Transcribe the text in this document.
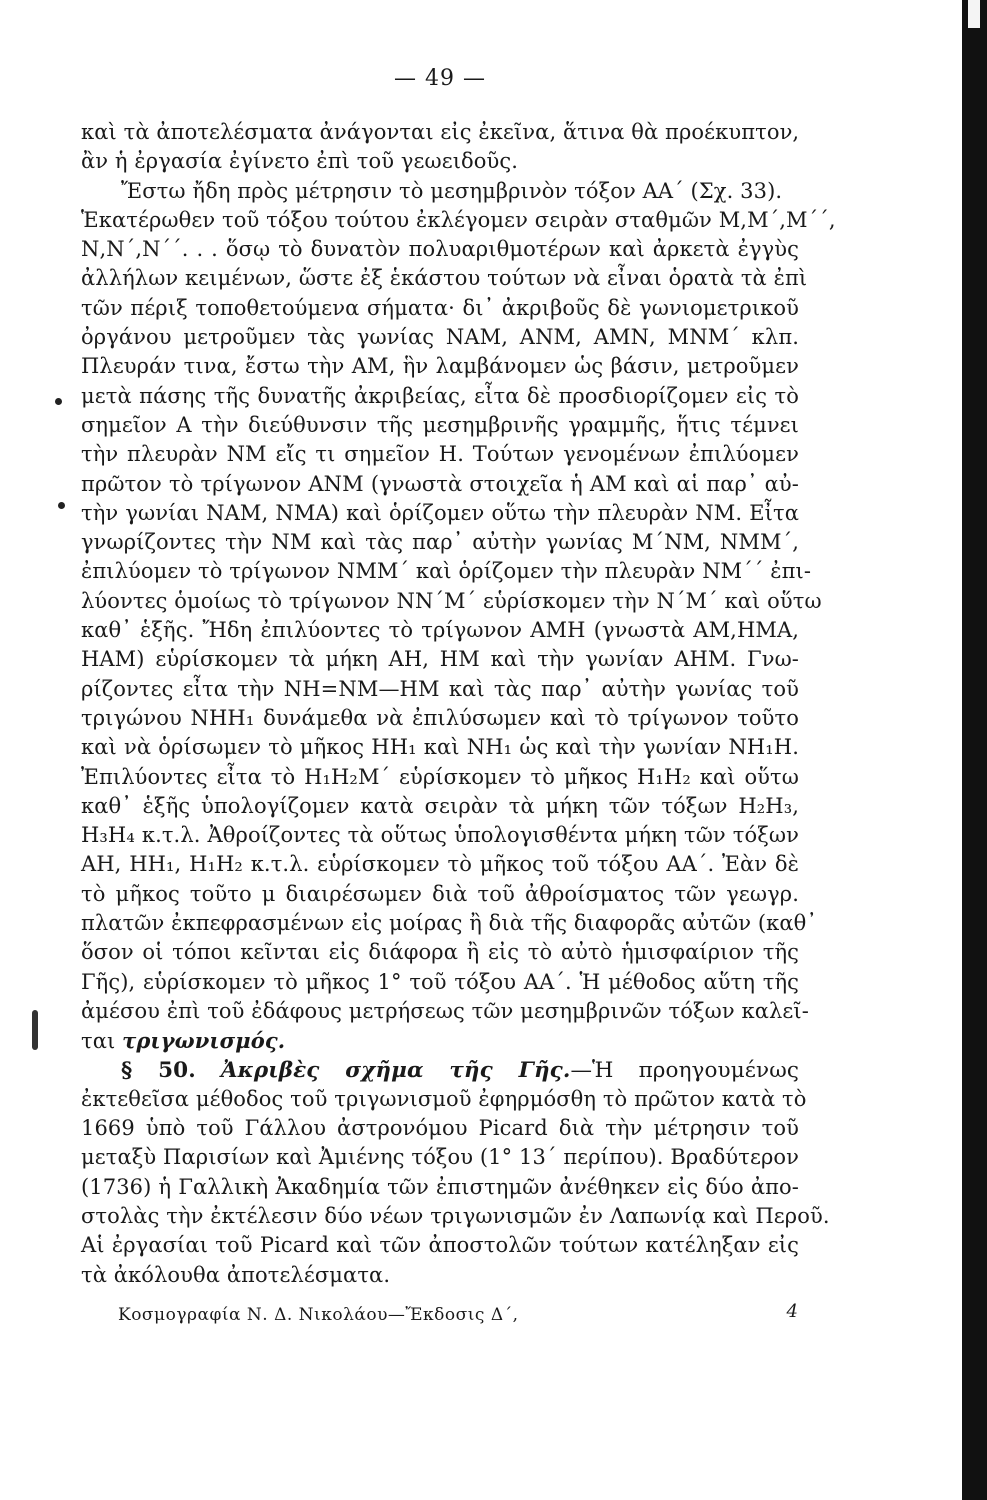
— 49 —
καὶ τὰ ἀποτελέσματα ἀνάγονται εἰς ἐκεῖνα, ἅτινα θὰ προέκυπτον,
ἂν ἡ ἐργασία ἐγίνετο ἐπὶ τοῦ γεωειδοῦς.
Ἔστω ἤδη πρὸς μέτρησιν τὸ μεσημβρινὸν τόξον ΑΑ΄ (Σχ. 33).
Ἑκατέρωθεν τοῦ τόξου τούτου ἐκλέγομεν σειρὰν σταθμῶν Μ,Μ΄,Μ΄΄,
Ν,Ν΄,Ν΄΄. . . ὅσῳ τὸ δυνατὸν πολυαριθμοτέρων καὶ ἀρκετὰ ἐγγὺς
ἀλλήλων κειμένων, ὥστε ἐξ ἑκάστου τούτων νὰ εἶναι ὁρατὰ τὰ ἐπὶ
τῶν πέριξ τοποθετούμενα σήματα· δι᾿ ἀκριβοῦς δὲ γωνιομετρικοῦ
ὀργάνου μετροῦμεν τὰς γωνίας ΝΑΜ, ΑΝΜ, ΑΜΝ, ΜΝΜ΄ κλπ.
Πλευράν τινα, ἔστω τὴν ΑΜ, ἣν λαμβάνομεν ὡς βάσιν, μετροῦμεν
μετὰ πάσης τῆς δυνατῆς ἀκριβείας, εἶτα δὲ προσδιορίζομεν εἰς τὸ
σημεῖον Α τὴν διεύθυνσιν τῆς μεσημβρινῆς γραμμῆς, ἥτις τέμνει
τὴν πλευρὰν ΝΜ εἴς τι σημεῖον Η. Τούτων γενομένων ἐπιλύομεν
πρῶτον τὸ τρίγωνον ΑΝΜ (γνωστὰ στοιχεῖα ἡ ΑΜ καὶ αἱ παρ᾿ αὐ-
τὴν γωνίαι ΝΑΜ, ΝΜΑ) καὶ ὁρίζομεν οὕτω τὴν πλευρὰν ΝΜ. Εἶτα
γνωρίζοντες τὴν ΝΜ καὶ τὰς παρ᾿ αὐτὴν γωνίας Μ΄ΝΜ, ΝΜΜ΄,
ἐπιλύομεν τὸ τρίγωνον ΝΜΜ΄ καὶ ὁρίζομεν τὴν πλευρὰν ΝΜ΄΄ ἐπι-
λύοντες ὁμοίως τὸ τρίγωνον ΝΝ΄Μ΄ εὑρίσκομεν τὴν Ν΄Μ΄ καὶ οὕτω
καθ᾿ ἑξῆς. Ἤδη ἐπιλύοντες τὸ τρίγωνον ΑΜΗ (γνωστὰ ΑΜ,ΗΜΑ,
ΗΑΜ) εὑρίσκομεν τὰ μήκη ΑΗ, ΗΜ καὶ τὴν γωνίαν ΑΗΜ. Γνω-
ρίζοντες εἶτα τὴν ΝΗ=ΝΜ—ΗΜ καὶ τὰς παρ᾿ αὐτὴν γωνίας τοῦ
τριγώνου ΝΗΗ₁ δυνάμεθα νὰ ἐπιλύσωμεν καὶ τὸ τρίγωνον τοῦτο
καὶ νὰ ὁρίσωμεν τὸ μῆκος ΗΗ₁ καὶ ΝΗ₁ ὡς καὶ τὴν γωνίαν ΝΗ₁Η.
Ἐπιλύοντες εἶτα τὸ Η₁Η₂Μ΄ εὑρίσκομεν τὸ μῆκος Η₁Η₂ καὶ οὕτω
καθ᾿ ἑξῆς ὑπολογίζομεν κατὰ σειρὰν τὰ μήκη τῶν τόξων Η₂Η₃,
Η₃Η₄ κ.τ.λ. Ἀθροίζοντες τὰ οὕτως ὑπολογισθέντα μήκη τῶν τόξων
ΑΗ, ΗΗ₁, Η₁Η₂ κ.τ.λ. εὑρίσκομεν τὸ μῆκος τοῦ τόξου ΑΑ΄. Ἐὰν δὲ
τὸ μῆκος τοῦτο μ διαιρέσωμεν διὰ τοῦ ἀθροίσματος τῶν γεωγρ.
πλατῶν ἐκπεφρασμένων εἰς μοίρας ἢ διὰ τῆς διαφορᾶς αὐτῶν (καθ᾿
ὅσον οἱ τόποι κεῖνται εἰς διάφορα ἢ εἰς τὸ αὐτὸ ἡμισφαίριον τῆς
Γῆς), εὑρίσκομεν τὸ μῆκος 1° τοῦ τόξου ΑΑ΄. Ἡ μέθοδος αὕτη τῆς
ἀμέσου ἐπὶ τοῦ ἐδάφους μετρήσεως τῶν μεσημβρινῶν τόξων καλεῖ-
ται τριγωνισμός.
§ 50. Ἀκριβὲς σχῆμα τῆς Γῆς.—Ἡ προηγουμένως
ἐκτεθεῖσα μέθοδος τοῦ τριγωνισμοῦ ἐφηρμόσθη τὸ πρῶτον κατὰ τὸ
1669 ὑπὸ τοῦ Γάλλου ἀστρονόμου Picard διὰ τὴν μέτρησιν τοῦ
μεταξὺ Παρισίων καὶ Ἀμιένης τόξου (1° 13΄ περίπου). Βραδύτερον
(1736) ἡ Γαλλικὴ Ἀκαδημία τῶν ἐπιστημῶν ἀνέθηκεν εἰς δύο ἀπο-
στολὰς τὴν ἐκτέλεσιν δύο νέων τριγωνισμῶν ἐν Λαπωνίᾳ καὶ Περοῦ.
Αἱ ἐργασίαι τοῦ Picard καὶ τῶν ἀποστολῶν τούτων κατέληξαν εἰς
τὰ ἀκόλουθα ἀποτελέσματα.
Κοσμογραφία Ν. Δ. Νικολάου—Ἔκδοσις Δ΄,	4
